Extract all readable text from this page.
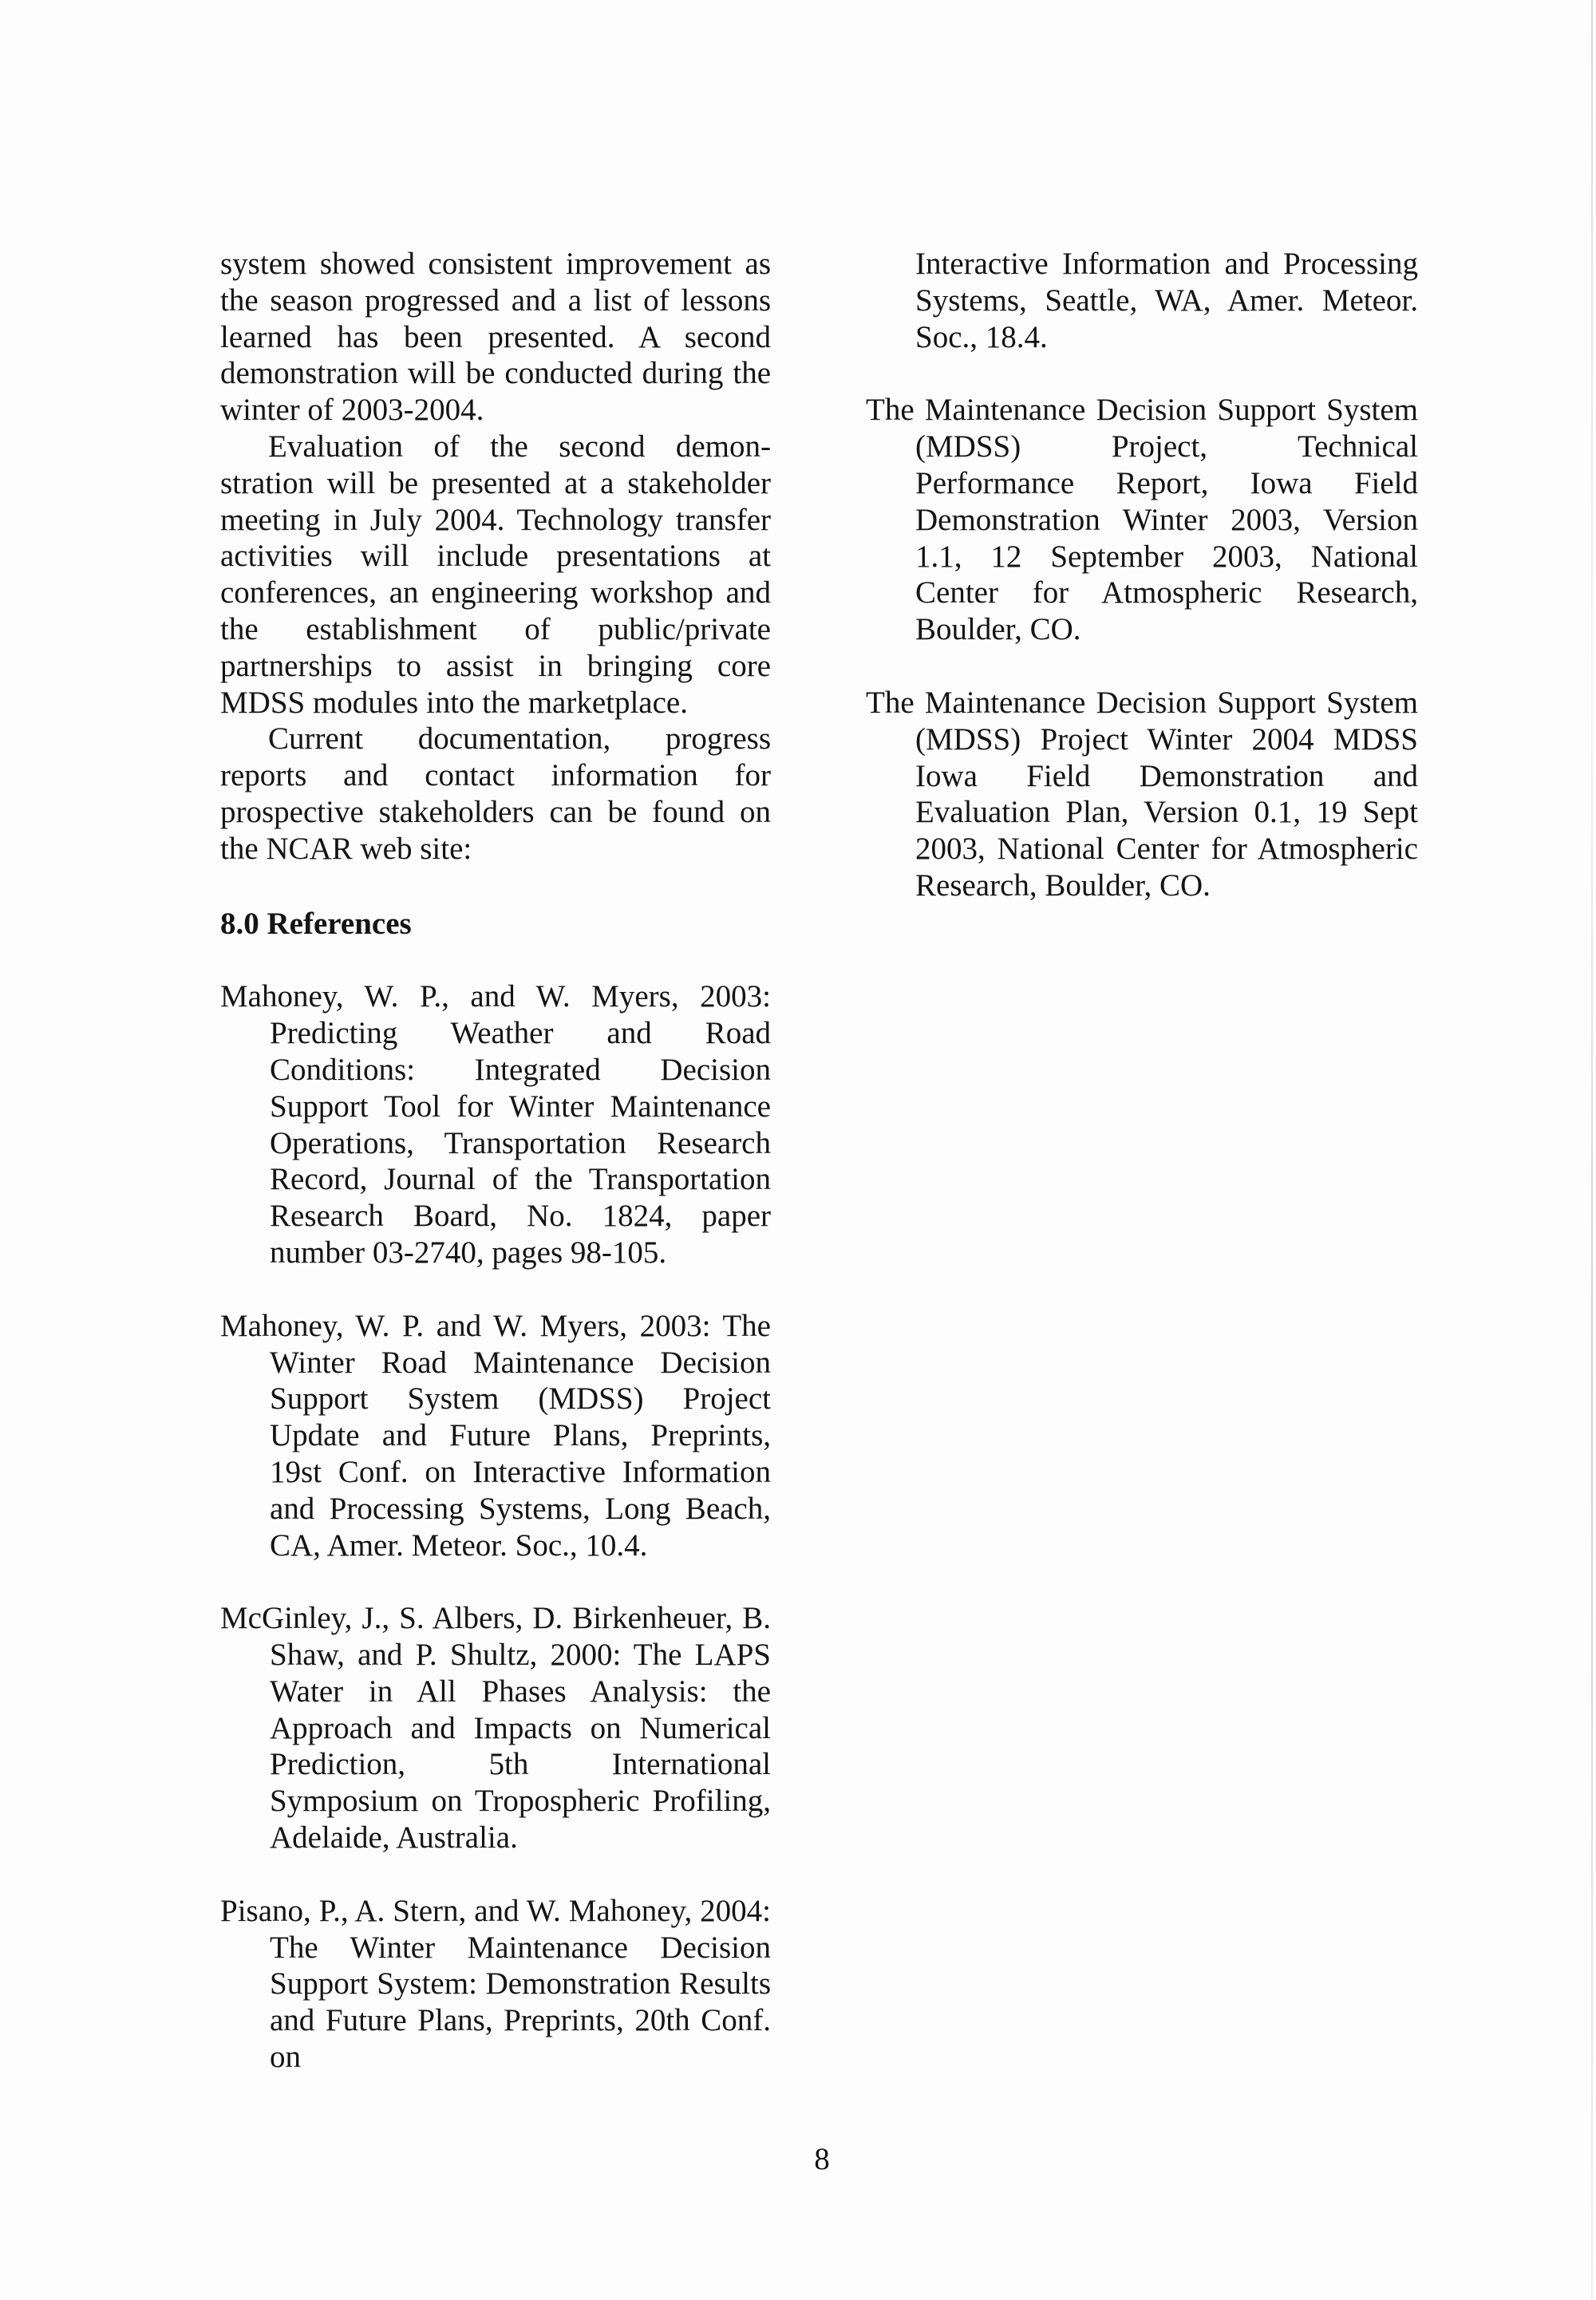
system showed consistent improvement as the season progressed and a list of lessons learned has been presented. A second demonstration will be conducted during the winter of 2003-2004.

Evaluation of the second demon-stration will be presented at a stakeholder meeting in July 2004. Technology transfer activities will include presentations at conferences, an engineering workshop and the establishment of public/private partnerships to assist in bringing core MDSS modules into the marketplace.

Current documentation, progress reports and contact information for prospective stakeholders can be found on the NCAR web site:

8.0 References

Mahoney, W. P., and W. Myers, 2003: Predicting Weather and Road Conditions: Integrated Decision Support Tool for Winter Maintenance Operations, Transportation Research Record, Journal of the Transportation Research Board, No. 1824, paper number 03-2740, pages 98-105.

Mahoney, W. P. and W. Myers, 2003: The Winter Road Maintenance Decision Support System (MDSS) Project Update and Future Plans, Preprints, 19st Conf. on Interactive Information and Processing Systems, Long Beach, CA, Amer. Meteor. Soc., 10.4.

McGinley, J., S. Albers, D. Birkenheuer, B. Shaw, and P. Shultz, 2000: The LAPS Water in All Phases Analysis: the Approach and Impacts on Numerical Prediction, 5th International Symposium on Tropospheric Profiling, Adelaide, Australia.

Pisano, P., A. Stern, and W. Mahoney, 2004: The Winter Maintenance Decision Support System: Demonstration Results and Future Plans, Preprints, 20th Conf. on

Interactive Information and Processing Systems, Seattle, WA, Amer. Meteor. Soc., 18.4.

The Maintenance Decision Support System (MDSS) Project, Technical Performance Report, Iowa Field Demonstration Winter 2003, Version 1.1, 12 September 2003, National Center for Atmospheric Research, Boulder, CO.

The Maintenance Decision Support System (MDSS) Project Winter 2004 MDSS Iowa Field Demonstration and Evaluation Plan, Version 0.1, 19 Sept 2003, National Center for Atmospheric Research, Boulder, CO.

8
